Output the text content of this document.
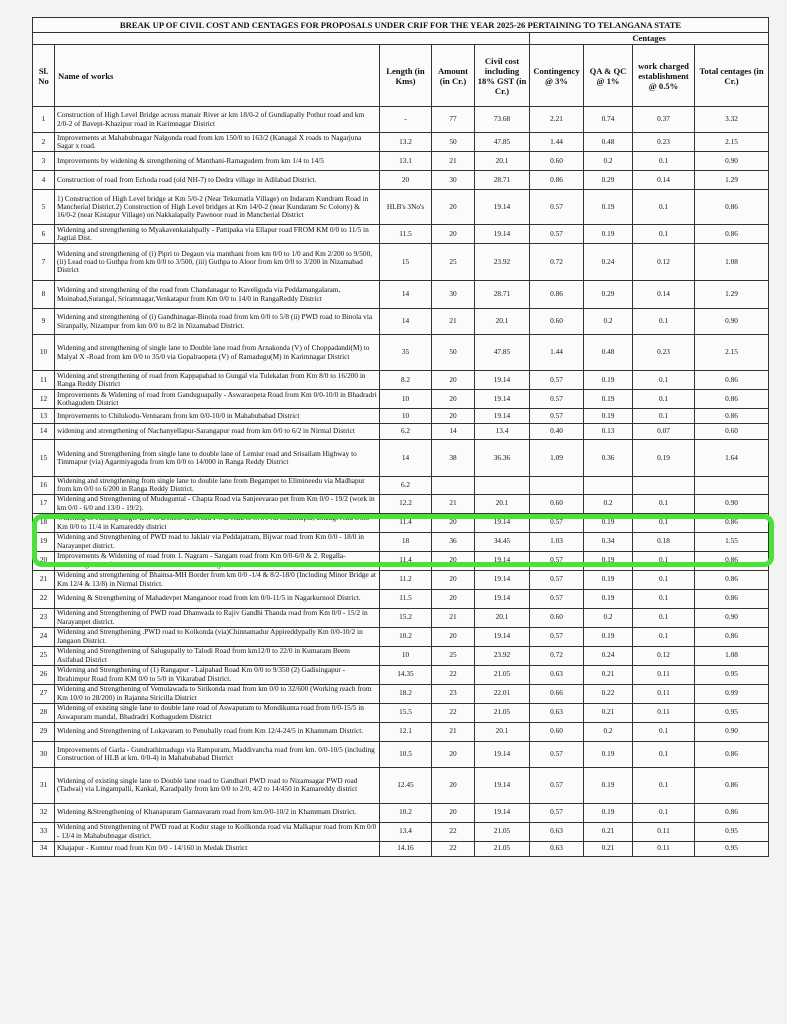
BREAK UP OF CIVIL COST AND CENTAGES FOR PROPOSALS UNDER CRIF FOR THE YEAR 2025-26 PERTAINING TO TELANGANA STATE								
					Centages			
Sl. No	Name of works	Length (in Kms)	Amount (in Cr.)	Civil cost including 18% GST (in Cr.)	Contingency @ 3%	QA & QC @ 1%	work charged establishment @ 0.5%	Total centages (in Cr.)
1	Construction of High Level Bridge across manair River ar km 18/0-2 of Gundiapally Pothur road and km 2/0-2 of Bavept-Khazipur road in Karimnagar District	-	77	73.68	2.21	0.74	0.37	3.32
2	Improvements at Mahabubnagar Nalgonda road from km 150/0 to 163/2 (Kanagal X roads to Nagarjuna Sagar x road.	13.2	50	47.85	1.44	0.48	0.23	2.15
3	Improvements by widening & strengthening of Manthani-Ramagudem from km 1/4 to 14/5	13.1	21	20.1	0.60	0.2	0.1	0.90
4	Construction of road from Echoda road (old NH-7) to Dedra village in Adilabad District.	20	30	28.71	0.86	0.29	0.14	1.29
5	1) Construction of High Level bridge at Km 5/0-2 (Near Tekumatla Village) on Indaram Kundram Road in Mancherial District.2) Construction of High Level bridges at Km 14/0-2 (near Kundaram Sc Colony) & 16/0-2 (near Kistapur Village) on Nakkalapally Pawnoor road in Mancherial District	HLB's 3No's	20	19.14	0.57	0.19	0.1	0.86
6	Widening and strengthening to Myakavenkaiahpally - Pattipaka via Ellapur road FROM KM 0/0 to 11/5 in Jagtial Dist.	11.5	20	19.14	0.57	0.19	0.1	0.86
7	Widening and strengthening of (i) Pipri to Degaon via manthani from km 0/0 to 1/0 and Km 2/200 to 9/500, (ii) Lead road to Guthpa from km 0/0 to 3/500, (iii) Guthpa to Aloor from km 0/0 to 3/200 in Nizamabad District	15	25	23.92	0.72	0.24	0.12	1.08
8	Widening and strengthening of the road from Chandanagar to Kaveliguda via Peddamangalaram, Moinabad,Surangal, Sriramnagar,Venkatapur from Km 0/0 to 14/0 in RangaReddy District	14	30	28.71	0.86	0.29	0.14	1.29
9	Widening and strengthening of (i) Gandhinagar-Binola road from km 0/0 to 5/8 (ii) PWD road to Binola via Siranpally, Nizampur from km 0/0 to 8/2 in Nizamabad District.	14	21	20.1	0.60	0.2	0.1	0.90
10	Widening and strengthening of single lane to Double lane road from Arnakonda (V) of Choppadandi(M) to Malyal X -Road from km 0/0 to 35/0 via Gopalraopeta (V) of Ramadugu(M) in Karimnagar District	35	50	47.85	1.44	0.48	0.23	2.15
11	Widening and strengthening of road from Kappapahad to Gungal via Tulekalan from Km 8/0 to 16/200 in Ranga Reddy District	8.2	20	19.14	0.57	0.19	0.1	0.86
12	Improvements & Widening of road from Ganduguapally - Aswaraopeta Road from Km 0/0-10/0 in Bhadradri Kothagudem District	10	20	19.14	0.57	0.19	0.1	0.86
13	Improvements to Chilukodu-Vennaram from km 0/0-10/0 in Mahabubabad District	10	20	19.14	0.57	0.19	0.1	0.86
14	widening and strengthening of Nachanyellapur-Sarangapur road from km 0/0 to 6/2 in Nirmal District	6.2	14	13.4	0.40	0.13	0.07	0.60
15	Widening and Strengthening from single lane to double lane of Lemiur road and Srisailam Highway to Timmapur (via) Agarmiyaguda from km 0/0 to 14/000 in Ranga Reddy District	14	38	36.36	1.09	0.36	0.19	1.64
16	Widening and strengthening from single lane to double lane from Begampet to Elimineedu via Madhapur from km 0/0 to 6/200 in Ranga Reddy District.	6.2						
17	Widening and Strengthening of Muduguntal - Chapta Road via Sanjeevarao pet from Km 0/0 - 19/2 (work in km 0/0 - 6/0 and 13/0 - 19/2).	12.2	21	20.1	0.60	0.2	0.1	0.90
18	Widening of existing single lane to Double lane road PWD road to SNA via Shanthapur, Dhadgi road from Km 0/0 to 11/4 in Kamareddy district	11.4	20	19.14	0.57	0.19	0.1	0.86
19	Widening and Strengthening of PWD road to Jaklair via Peddajatram, Bijwar road from Km 0/0 - 18/0 in Narayanpet district.	18	36	34.45	1.03	0.34	0.18	1.55
20	Improvements & Widening of road from 1. Nagram - Sangam road from Km 0/0-6/0 & 2. Regalla- Karakavagu road from Km 0/0-5/4 in Bhadradri Kothagudem District	11.4	20	19.14	0.57	0.19	0.1	0.86
21	Widening and strengthening of Bhainsa-MH Border from km 0/0 -1/4 & 8/2-18/0 (Including Minor Bridge at Km 12/4 & 13/8) in Nirmal District.	11.2	20	19.14	0.57	0.19	0.1	0.86
22	Widening & Strengthening of Mahadevpet Manganoor road from km 0/0-11/5 in Nagarkurnool District.	11.5	20	19.14	0.57	0.19	0.1	0.86
23	Widening and Strengthening of PWD road Dhanwada to Rajiv Gandhi Thanda road from Km 0/0 - 15/2 in Narayanpet district.	15.2	21	20.1	0.60	0.2	0.1	0.90
24	Widening and Strengthening .PWD road to Kolkonda (via)Chinnamadur Appireddypally Km 0/0-10/2 in Jangaon District.	10.2	20	19.14	0.57	0.19	0.1	0.86
25	Widening and Strengthening of Salugupally to Talodi Road from km12/0 to 22/0 in Kumaram Beem Asifabad District	10	25	23.92	0.72	0.24	0.12	1.08
26	Widening and Strengthening of (1) Rangapur - Lalpahad Road Km 0/0 to 9/350 (2) Gadisingapur - Ibrahimpur Road from KM 0/0 to 5/0 in Vikarabad District.	14.35	22	21.05	0.63	0.21	0.11	0.95
27	Widening and Strengthening of Vemulawada to Sirikonda road from km 0/0 to 32/600 (Working reach from Km 10/0 to 28/200) in Rajanna Siricilla District	18.2	23	22.01	0.66	0.22	0.11	0.99
28	Widening of existing single lane to double lane road of Aswapuram to Mondikunta road from 0/0-15/5 in Aswapuram mandal, Bhadradri Kothagudem District	15.5	22	21.05	0.63	0.21	0.11	0.95
29	Widening and Strengthening of Lokavaram to Penubally road from Km 12/4-24/5 in Khammam District.	12.1	21	20.1	0.60	0.2	0.1	0.90
30	Improvements of Garla - Gundrathimadugu via Rampuram, Maddivancha road from km. 0/0-10/5 (including Construction of HLB at km. 0/0-4) in Mahabubabad District	10.5	20	19.14	0.57	0.19	0.1	0.86
31	Widening of existing single lane to Double lane road to Gandhari PWD road to Nizamsagar PWD road (Tadwai) via Lingampalli, Kankal, Karadpally from km 0/0 to 2/0, 4/2 to 14/450 in Kamareddy district	12.45	20	19.14	0.57	0.19	0.1	0.86
32	Widening &Strengthening of Khanapuram Gannavaram road from km.0/0-10/2 in Khammam District.	10.2	20	19.14	0.57	0.19	0.1	0.86
33	Widening and Strengthening of PWD road at Kodur stage to Koilkonda road via Malkapur road from Km 0/0 - 13/4 in Mahabubnagar district.	13.4	22	21.05	0.63	0.21	0.11	0.95
34	Khajapur - Komtur road from Km 0/0 - 14/160 in Medak District	14.16	22	21.05	0.63	0.21	0.11	0.95
